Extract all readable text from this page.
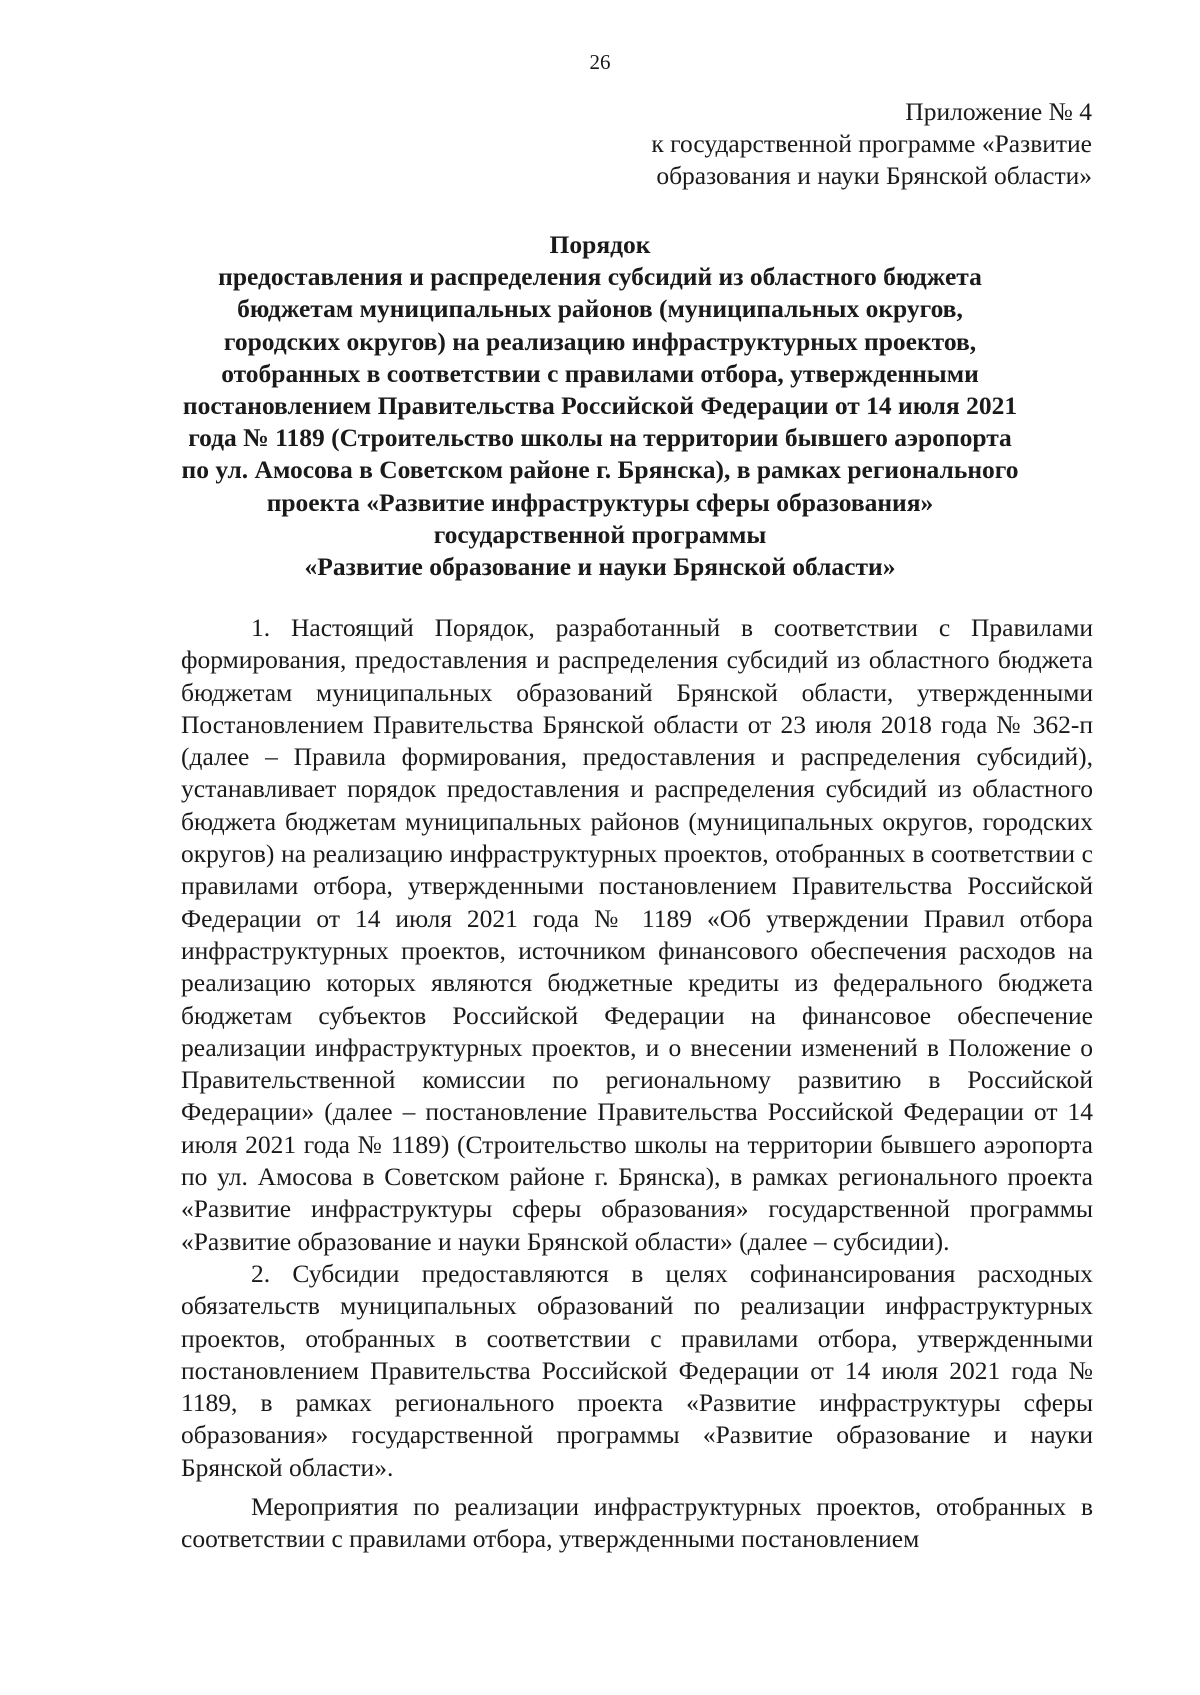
26
Приложение № 4
к государственной программе «Развитие
образования и науки Брянской области»
Порядок
предоставления и распределения субсидий из областного бюджета
бюджетам муниципальных районов (муниципальных округов,
городских округов) на реализацию инфраструктурных проектов,
отобранных в соответствии с правилами отбора, утвержденными
постановлением Правительства Российской Федерации от 14 июля 2021
года № 1189 (Строительство школы на территории бывшего аэропорта
по ул. Амосова в Советском районе г. Брянска), в рамках регионального
проекта «Развитие инфраструктуры сферы образования»
государственной программы
«Развитие образование и науки Брянской области»

1. Настоящий Порядок, разработанный в соответствии с Правилами формирования, предоставления и распределения субсидий из областного бюджета бюджетам муниципальных образований Брянской области, утвержденными Постановлением Правительства Брянской области от 23 июля 2018 года № 362-п (далее – Правила формирования, предоставления и распределения субсидий), устанавливает порядок предоставления и распределения субсидий из областного бюджета бюджетам муниципальных районов (муниципальных округов, городских округов) на реализацию инфраструктурных проектов, отобранных в соответствии с правилами отбора, утвержденными постановлением Правительства Российской Федерации от 14 июля 2021 года № 1189 «Об утверждении Правил отбора инфраструктурных проектов, источником финансового обеспечения расходов на реализацию которых являются бюджетные кредиты из федерального бюджета бюджетам субъектов Российской Федерации на финансовое обеспечение реализации инфраструктурных проектов, и о внесении изменений в Положение о Правительственной комиссии по региональному развитию в Российской Федерации» (далее – постановление Правительства Российской Федерации от 14 июля 2021 года № 1189) (Строительство школы на территории бывшего аэропорта по ул. Амосова в Советском районе г. Брянска), в рамках регионального проекта «Развитие инфраструктуры сферы образования» государственной программы «Развитие образование и науки Брянской области» (далее – субсидии).

2. Субсидии предоставляются в целях софинансирования расходных обязательств муниципальных образований по реализации инфраструктурных проектов, отобранных в соответствии с правилами отбора, утвержденными постановлением Правительства Российской Федерации от 14 июля 2021 года № 1189, в рамках регионального проекта «Развитие инфраструктуры сферы образования» государственной программы «Развитие образование и науки Брянской области».

Мероприятия по реализации инфраструктурных проектов, отобранных в соответствии с правилами отбора, утвержденными постановлением
